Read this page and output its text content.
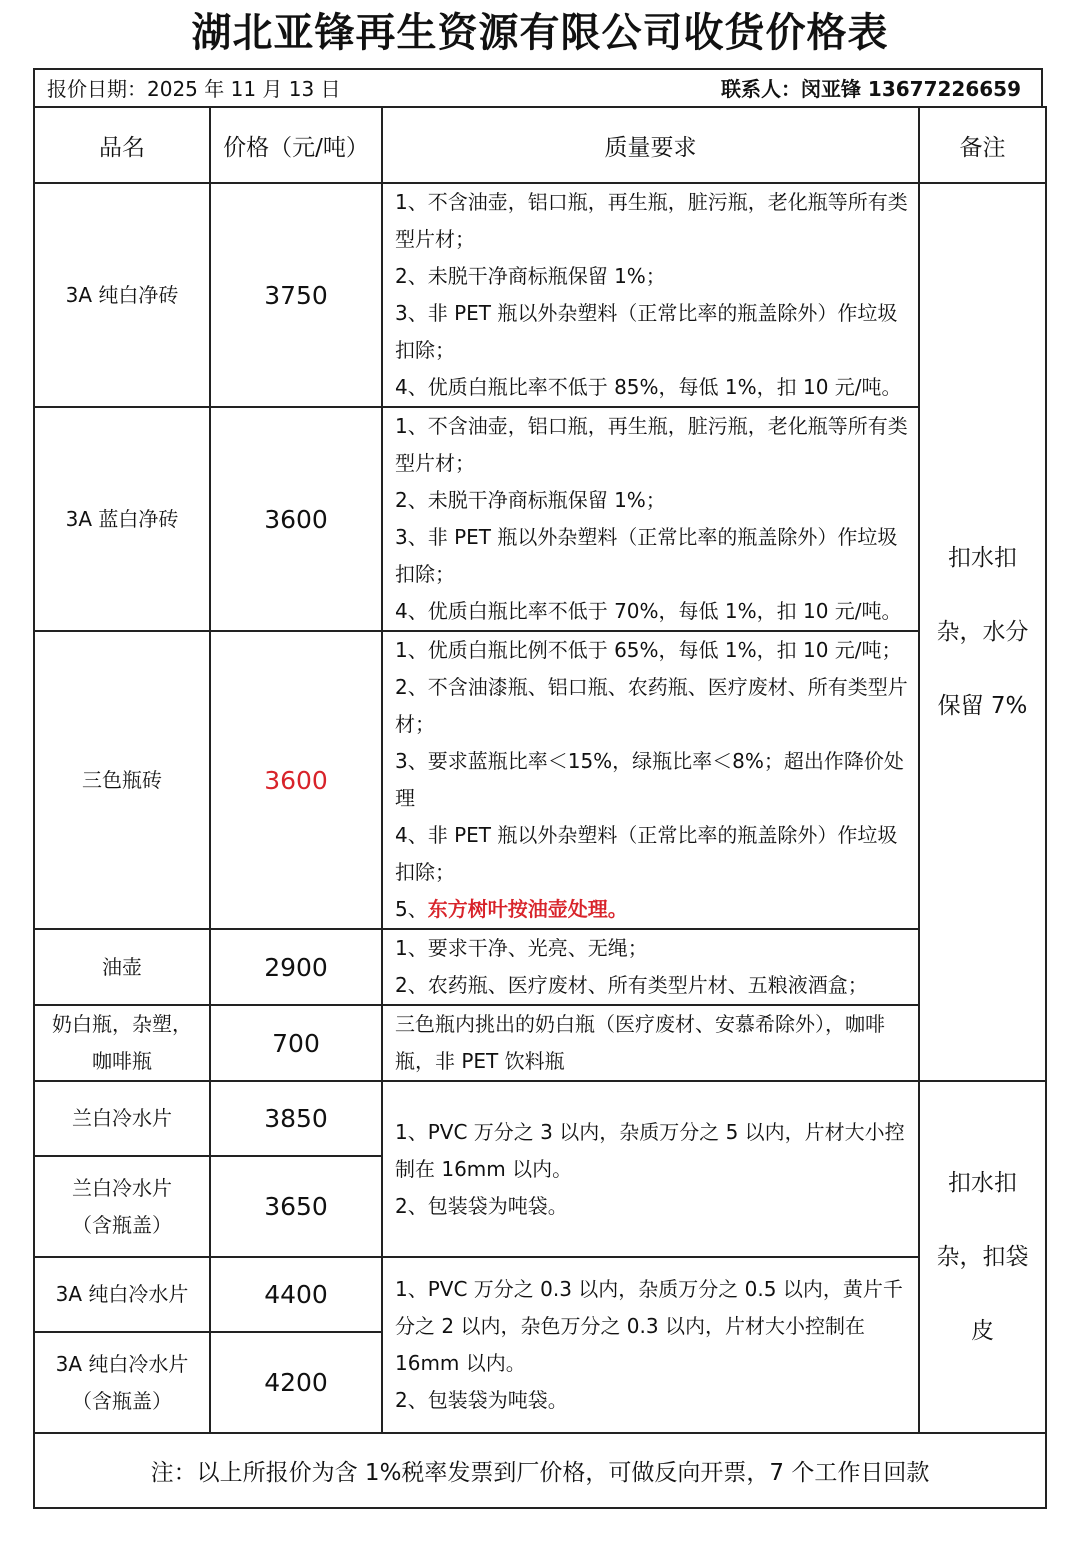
湖北亚锋再生资源有限公司收货价格表
报价日期：2025 年 11 月 13 日	联系人：闵亚锋 13677226659
品名	价格（元/吨）	质量要求	备注
3A 纯白净砖	3750	1、不含油壶，铝口瓶，再生瓶，脏污瓶，老化瓶等所有类型片材；
2、未脱干净商标瓶保留 1%；
3、非 PET 瓶以外杂塑料（正常比率的瓶盖除外）作垃圾扣除；
4、优质白瓶比率不低于 85%，每低 1%，扣 10 元/吨。	扣水扣杂，水分保留 7%
3A 蓝白净砖	3600	1、不含油壶，铝口瓶，再生瓶，脏污瓶，老化瓶等所有类型片材；
2、未脱干净商标瓶保留 1%；
3、非 PET 瓶以外杂塑料（正常比率的瓶盖除外）作垃圾扣除；
4、优质白瓶比率不低于 70%，每低 1%，扣 10 元/吨。	

三色瓶砖	3600	1、优质白瓶比例不低于 65%，每低 1%，扣 10 元/吨；
2、不含油漆瓶、铝口瓶、农药瓶、医疗废材、所有类型片材；
3、要求蓝瓶比率＜15%，绿瓶比率＜8%；超出作降价处理
4、非 PET 瓶以外杂塑料（正常比率的瓶盖除外）作垃圾扣除；
5、东方树叶按油壶处理。	

油壶	2900	1、要求干净、光亮、无绳；
2、农药瓶、医疗废材、所有类型片材、五粮液酒盒；	

奶白瓶，杂塑，咖啡瓶	700	三色瓶内挑出的奶白瓶（医疗废材、安慕希除外），咖啡瓶，非 PET 饮料瓶	

兰白冷水片	3850	1、PVC 万分之 3 以内，杂质万分之 5 以内，片材大小控制在 16mm 以内。
2、包装袋为吨袋。	扣水扣杂，扣袋皮
兰白冷水片（含瓶盖）	3650		
3A 纯白冷水片	4400	1、PVC 万分之 0.3 以内，杂质万分之 0.5 以内，黄片千分之 2 以内，杂色万分之 0.3 以内，片材大小控制在 16mm 以内。
2、包装袋为吨袋。	

3A 纯白冷水片（含瓶盖）	4200		
注：以上所报价为含 1%税率发票到厂价格，可做反向开票，7 个工作日回款			
